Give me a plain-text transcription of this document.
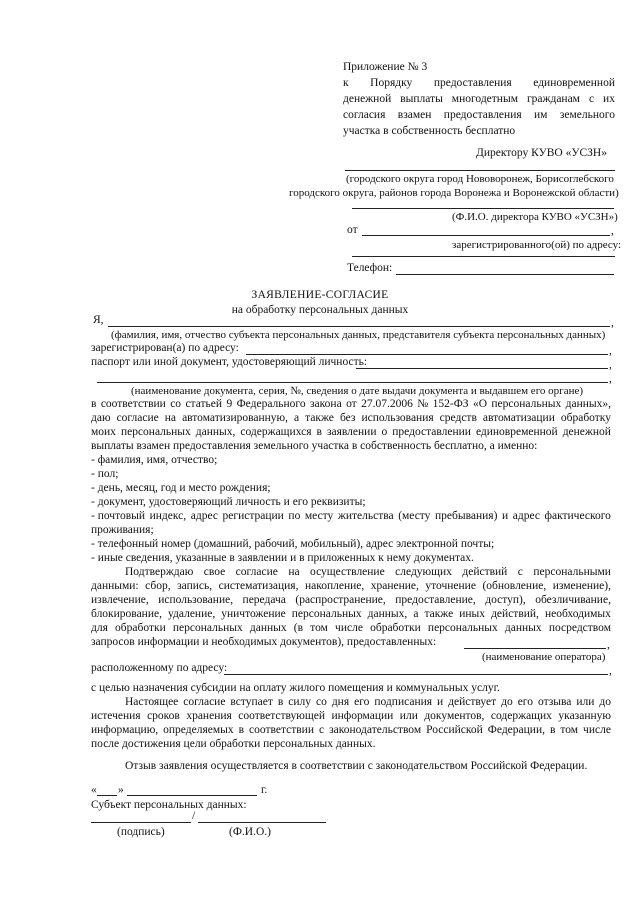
Приложение № 3
к Порядку предоставления единовременной
денежной выплаты многодетным гражданам с их
согласия взамен предоставления им земельного
участка в собственность бесплатно
Директору КУВО «УСЗН»
(городского округа город Нововоронеж, Борисоглебского
городского округа, районов города Воронежа и Воронежской области)
(Ф.И.О. директора КУВО «УСЗН»)
от	,
зарегистрированного(ой) по адресу:
Телефон:
ЗАЯВЛЕНИЕ-СОГЛАСИЕ
на обработку персональных данных
Я,	,
(фамилия, имя, отчество субъекта персональных данных, представителя субъекта персональных данных)
зарегистрирован(а) по адресу:	,
паспорт или иной документ, удостоверяющий личность:	,
,
(наименование документа, серия, №, сведения о дате выдачи документа и выдавшем его органе)
в соответствии со статьей 9 Федерального закона от 27.07.2006 № 152-ФЗ «О персональных данных»,
даю согласие на автоматизированную, а также без использования средств автоматизации обработку
моих персональных данных, содержащихся в заявлении о предоставлении единовременной денежной
выплаты взамен предоставления земельного участка в собственность бесплатно, а именно:
- фамилия, имя, отчество;
- пол;
- день, месяц, год и место рождения;
- документ, удостоверяющий личность и его реквизиты;
- почтовый индекс, адрес регистрации по месту жительства (месту пребывания) и адрес фактического
проживания;
- телефонный номер (домашний, рабочий, мобильный), адрес электронной почты;
- иные сведения, указанные в заявлении и в приложенных к нему документах.
Подтверждаю свое согласие на осуществление следующих действий с персональными
данными: сбор, запись, систематизация, накопление, хранение, уточнение (обновление, изменение),
извлечение, использование, передача (распространение, предоставление, доступ), обезличивание,
блокирование, удаление, уничтожение персональных данных, а также иных действий, необходимых
для обработки персональных данных (в том числе обработки персональных данных посредством
запросов информации и необходимых документов), предоставленных:	,
(наименование оператора)
расположенному по адресу:	,
с целью назначения субсидии на оплату жилого помещения и коммунальных услуг.
Настоящее согласие вступает в силу со дня его подписания и действует до его отзыва или до
истечения сроков хранения соответствующей информации или документов, содержащих указанную
информацию, определяемых в соответствии с законодательством Российской Федерации, в том числе
после достижения цели обработки персональных данных.
Отзыв заявления осуществляется в соответствии с законодательством Российской Федерации.
« »	г.
Субъект персональных данных:
/
(подпись)	(Ф.И.О.)
